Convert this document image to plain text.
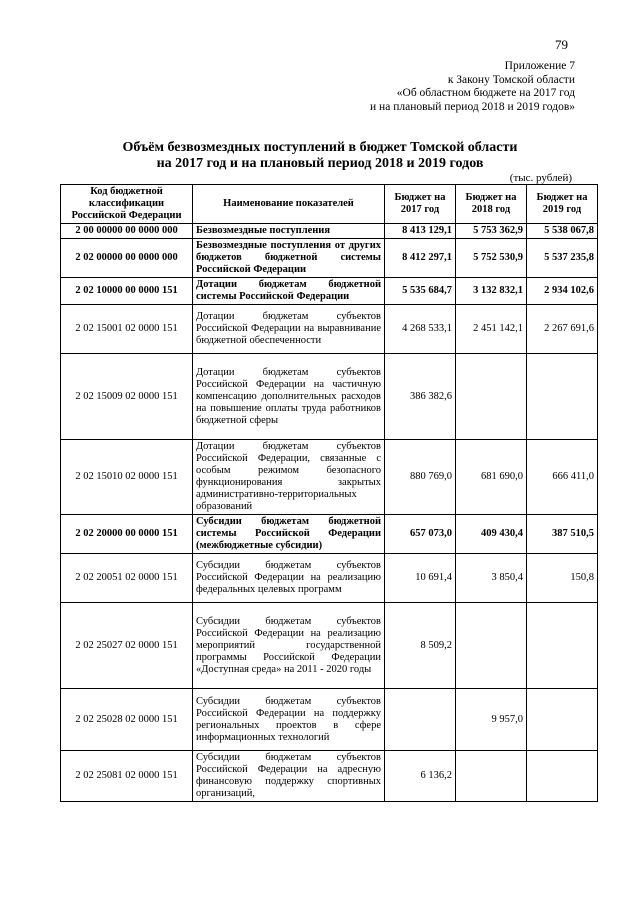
79
Приложение 7
к Закону Томской области
«Об областном бюджете на 2017 год
и на плановый период 2018 и 2019 годов»
Объём безвозмездных поступлений в бюджет Томской области
на 2017 год и на плановый период 2018 и 2019 годов
(тыс. рублей)
Код бюджетной классификации Российской Федерации	Наименование показателей	Бюджет на 2017 год	Бюджет на 2018 год	Бюджет на 2019 год
2 00 00000 00 0000 000	Безвозмездные поступления	8 413 129,1	5 753 362,9	5 538 067,8
2 02 00000 00 0000 000	Безвозмездные поступления от других бюджетов бюджетной системы Российской Федерации	8 412 297,1	5 752 530,9	5 537 235,8
2 02 10000 00 0000 151	Дотации бюджетам бюджетной системы Российской Федерации	5 535 684,7	3 132 832,1	2 934 102,6
2 02 15001 02 0000 151	Дотации бюджетам субъектов Российской Федерации на выравнивание бюджетной обеспеченности	4 268 533,1	2 451 142,1	2 267 691,6
2 02 15009 02 0000 151	Дотации бюджетам субъектов Российской Федерации на частичную компенсацию дополнительных расходов на повышение оплаты труда работников бюджетной сферы	386 382,6		
2 02 15010 02 0000 151	Дотации бюджетам субъектов Российской Федерации, связанные с особым режимом безопасного функционирования закрытых административно-территориальных образований	880 769,0	681 690,0	666 411,0
2 02 20000 00 0000 151	Субсидии бюджетам бюджетной системы Российской Федерации (межбюджетные субсидии)	657 073,0	409 430,4	387 510,5
2 02 20051 02 0000 151	Субсидии бюджетам субъектов Российской Федерации на реализацию федеральных целевых программ	10 691,4	3 850,4	150,8
2 02 25027 02 0000 151	Субсидии бюджетам субъектов Российской Федерации на реализацию мероприятий государственной программы Российской Федерации «Доступная среда» на 2011 - 2020 годы	8 509,2		
2 02 25028 02 0000 151	Субсидии бюджетам субъектов Российской Федерации на поддержку региональных проектов в сфере информационных технологий		9 957,0	
2 02 25081 02 0000 151	Субсидии бюджетам субъектов Российской Федерации на адресную финансовую поддержку спортивных организаций,	6 136,2		
